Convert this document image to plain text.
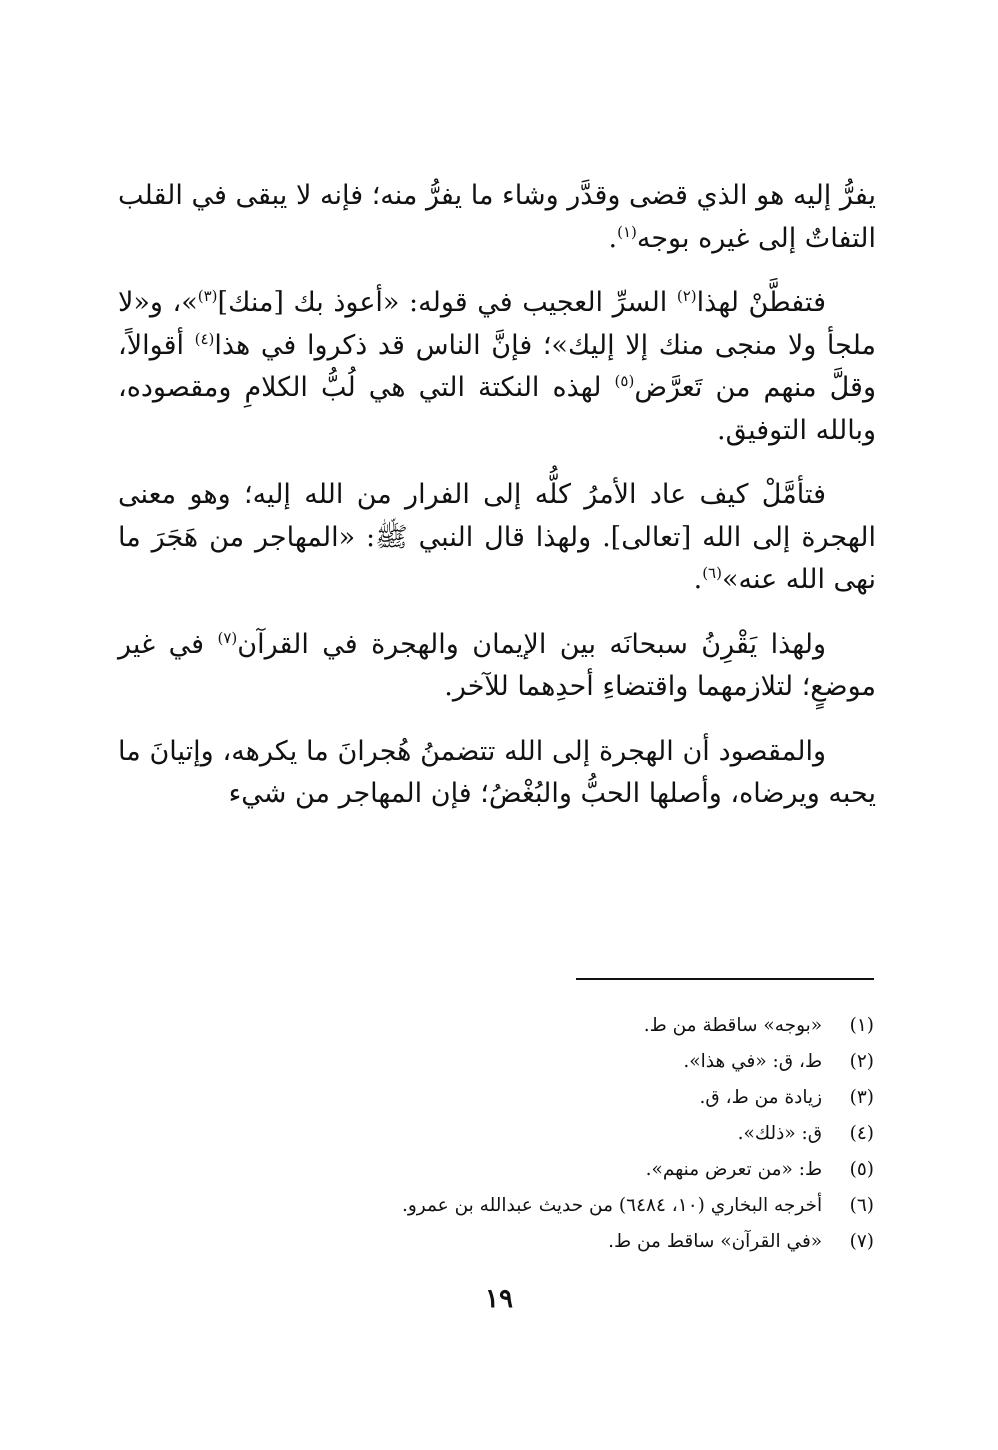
يفرُّ إليه هو الذي قضى وقدَّر وشاء ما يفرُّ منه؛ فإنه لا يبقى في القلب التفاتٌ إلى غيره بوجه$^{(١)}$.

فتفطَّنْ لهذا$^{(٢)}$ السرِّ العجيب في قوله: «أعوذ بك [منك]$^{(٣)}$»، و«لا ملجأ ولا منجى منك إلا إليك»؛ فإنَّ الناس قد ذكروا في هذا$^{(٤)}$ أقوالاً، وقلَّ منهم من تَعرَّض$^{(٥)}$ لهذه النكتة التي هي لُبُّ الكلامِ ومقصوده، وبالله التوفيق.

فتأمَّلْ كيف عاد الأمرُ كلُّه إلى الفرار من الله إليه؛ وهو معنى الهجرة إلى الله [تعالى]. ولهذا قال النبي ﷺ: «المهاجر من هَجَرَ ما نهى الله عنه»$^{(٦)}$.

ولهذا يَقْرِنُ سبحانَه بين الإيمان والهجرة في القرآن$^{(٧)}$ في غير موضعٍ؛ لتلازمهما واقتضاءِ أحدِهما للآخر.

والمقصود أن الهجرة إلى الله تتضمنُ هُجرانَ ما يكرهه، وإتيانَ ما يحبه ويرضاه، وأصلها الحبُّ والبُغْضُ؛ فإن المهاجر من شيء

(١) «بوجه» ساقطة من ط.
(٢) ط، ق: «في هذا».
(٣) زيادة من ط، ق.
(٤) ق: «ذلك».
(٥) ط: «من تعرض منهم».
(٦) أخرجه البخاري (١٠، ٦٤٨٤) من حديث عبدالله بن عمرو.
(٧) «في القرآن» ساقط من ط.
١٩
